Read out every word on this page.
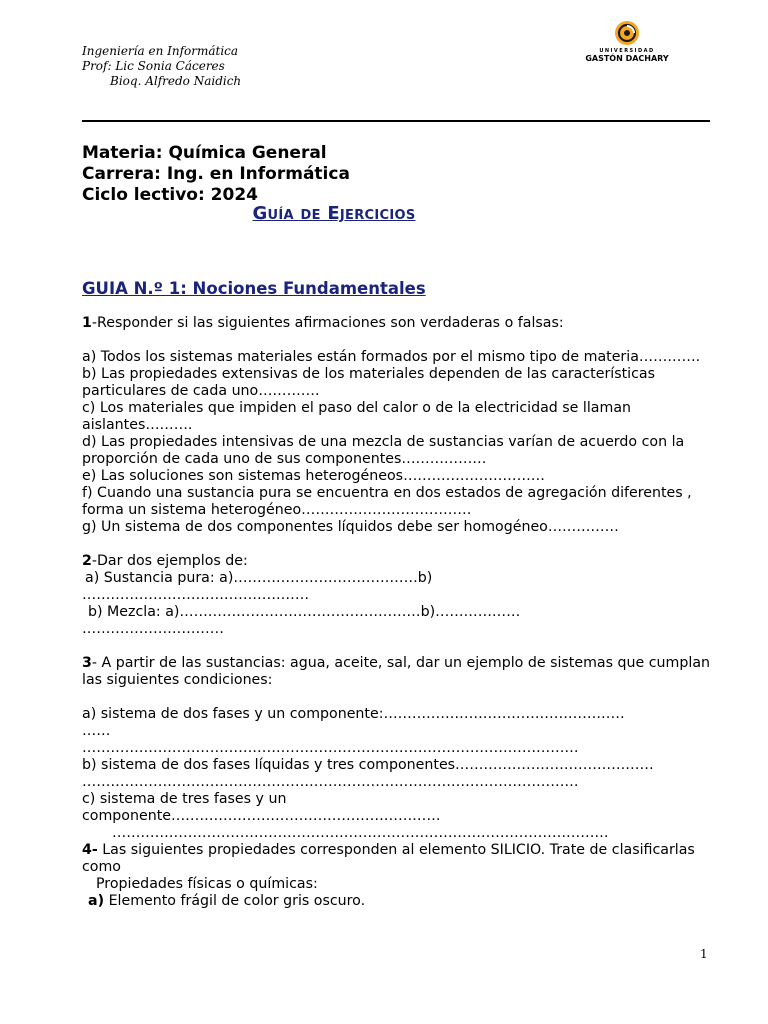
Ingeniería en Informática
Prof: Lic Sonia Cáceres
Bioq. Alfredo Naidich
UNIVERSIDAD
GASTÓN DACHARY
Materia: Química General
Carrera: Ing. en Informática
Ciclo lectivo: 2024
Guía de Ejercicios
GUIA N.º 1: Nociones Fundamentales

1-Responder si las siguientes afirmaciones son verdaderas o falsas:

a) Todos los sistemas materiales están formados por el mismo tipo de materia………….

b) Las propiedades extensivas de los materiales dependen de las características particulares de cada uno………….

c) Los materiales que impiden el paso del calor o de la electricidad se llaman aislantes……….

d) Las propiedades intensivas de una mezcla de sustancias varían de acuerdo con la proporción de cada uno de sus componentes………………

e) Las soluciones son sistemas heterogéneos…………………………

f) Cuando una sustancia pura se encuentra en dos estados de agregación diferentes , forma un sistema heterogéneo………………………………

g) Un sistema de dos componentes líquidos debe ser homogéneo……………

2-Dar dos ejemplos de:

a) Sustancia pura: a)…………………………………b)

…………………………………………

b) Mezcla: a)……………………………………………b)………………

…………………………

3- A partir de las sustancias: agua, aceite, sal, dar un ejemplo de sistemas que cumplan las siguientes condiciones:

a) sistema de dos fases y un componente:……………………………………………

……

……………………………………………………………………………………………

b) sistema de dos fases líquidas y tres componentes……………………………………

……………………………………………………………………………………………

c) sistema de tres fases y un

componente…………………………………………………

……………………………………………………………………………………………

4- Las siguientes propiedades corresponden al elemento SILICIO. Trate de clasificarlas como

Propiedades físicas o químicas:

a) Elemento frágil de color gris oscuro.

1
